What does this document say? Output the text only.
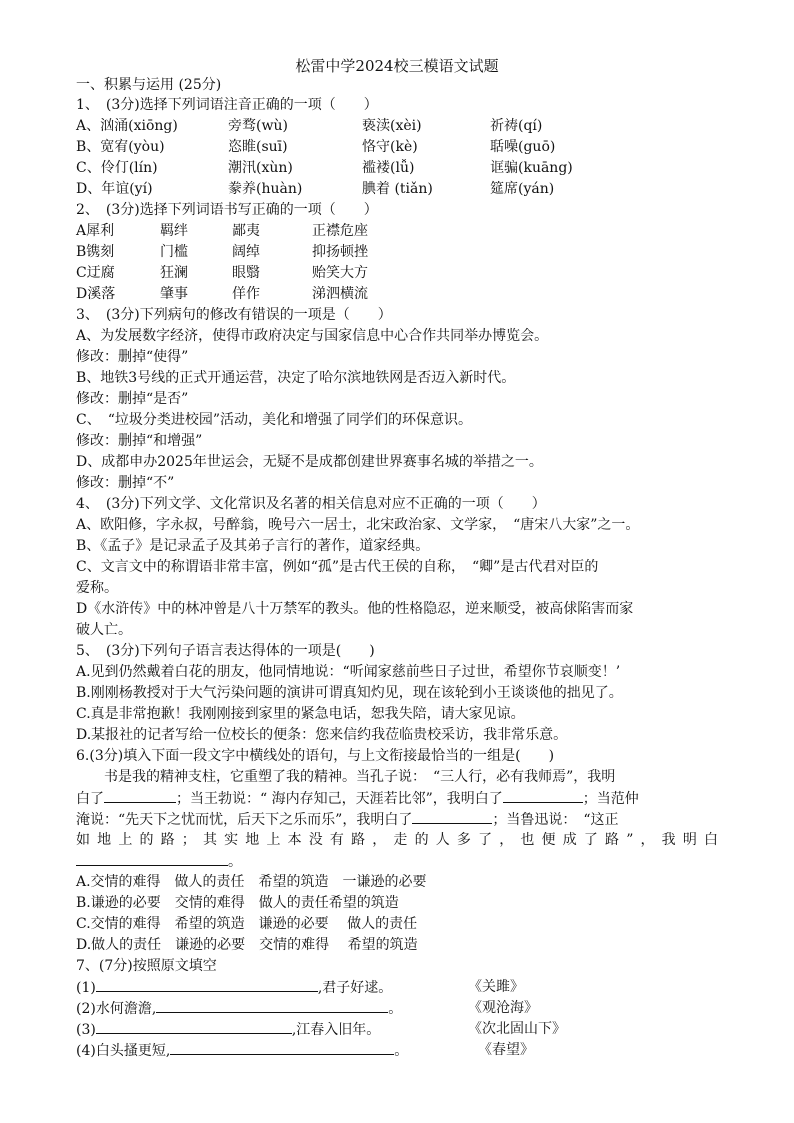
松雷中学2024校三模语文试题
一、积累与运用 (25分)
1、　(3分)选择下列词语注音正确的一项（　　）
A、汹涌(xiōng)	旁骛(wù)	亵渎(xèi)	祈祷(qí)
B、宽宥(yòu)	恣睢(suī)	恪守(kè)	聒噪(guō)
C、伶仃(lín)	潮汛(xùn)	褴褛(lǚ)	诓骗(kuāng)
D、年谊(yí)	豢养(huàn)	腆着 (tiǎn)	筵席(yán)
2、　(3分)选择下列词语书写正确的一项（　　）
A犀利	羁绊	鄙夷	正襟危座
B镌刻	门槛	阔绰	抑扬顿挫
C迂腐	狂澜	眼翳	贻笑大方
D溪落	肇事	佯作	涕泗横流
3、　(3分)下列病句的修改有错误的一项是（　　）
A、为发展数字经济，使得市政府决定与国家信息中心合作共同举办博览会。
修改：删掉“使得”
B、地铁3号线的正式开通运营，决定了哈尔滨地铁网是否迈入新时代。
修改：删掉“是否”
C、　“垃圾分类进校园”活动，美化和增强了同学们的环保意识。
修改：删掉“和增强”
D、成都申办2025年世运会，无疑不是成都创建世界赛事名城的举措之一。
修改：删掉“不”
4、　(3分)下列文学、文化常识及名著的相关信息对应不正确的一项（　　）
A、欧阳修，字永叔，号醉翁，晚号六一居士，北宋政治家、文学家，　“唐宋八大家”之一。
B、《孟子》是记录孟子及其弟子言行的著作，道家经典。
C、文言文中的称谓语非常丰富，例如“孤”是古代王侯的自称，　“卿”是古代君对臣的
爱称。
D《水浒传》中的林冲曾是八十万禁军的教头。他的性格隐忍，逆来顺受，被高俅陷害而家
破人亡。
5、　(3分)下列句子语言表达得体的一项是(　　)
A.见到仍然戴着白花的朋友，他同情地说：“听闻家慈前些日子过世，希望你节哀顺变！’
B.刚刚杨教授对于大气污染问题的演讲可谓真知灼见，现在该轮到小王谈谈他的拙见了。
C.真是非常抱歉！我刚刚接到家里的紧急电话，恕我失陪，请大家见谅。
D.某报社的记者写给一位校长的便条：您来信约我莅临贵校采访，我非常乐意。
6.(3分)填入下面一段文字中横线处的语句，与上文衔接最恰当的一组是(　　)
书是我的精神支柱，它重塑了我的精神。当孔子说：　“三人行，必有我师焉”，我明
白了	；当王勃说：“ 海内存知己，天涯若比邻”，我明白了	；当范仲
淹说：“先天下之忧而忧，后天下之乐而乐”，我明白了	；当鲁迅说：　“这正
如地上的路；其实地上本没有路，走的人多了，也便成了路”，我明白
。
A.交情的难得　做人的责任　希望的筑造　一谦逊的必要
B.谦逊的必要　交情的难得　做人的责任希望的筑造
C.交情的难得　希望的筑造　谦逊的必要　 做人的责任
D.做人的责任　谦逊的必要　交情的难得　 希望的筑造
7、(7分)按照原文填空
(1)	,君子好逑。	《关雎》
(2)水何澹澹,	。	《观沧海》
(3)	,江春入旧年。	《次北固山下》
(4)白头搔更短,	。	《春望》
